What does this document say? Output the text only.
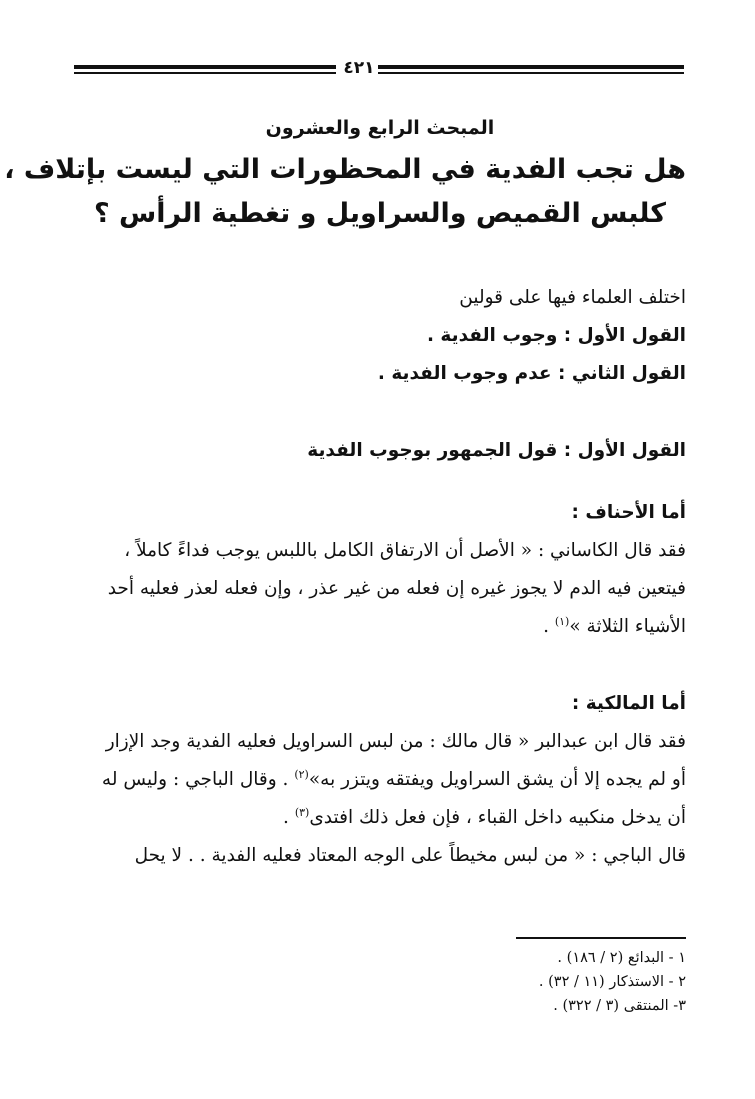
٤٢١
المبحث الرابع والعشرون
هل تجب الفدية في المحظورات التي ليست بإتلاف ،
كلبس القميص والسراويل و تغطية الرأس ؟

اختلف العلماء فيها على قولين

القول الأول : وجوب الفدية .

القول الثاني : عدم وجوب الفدية .

القول الأول : قول الجمهور بوجوب الفدية

أما الأحناف :

فقد قال الكاساني : « الأصل أن الارتفاق الكامل باللبس يوجب فداءً كاملاً ،

فيتعين فيه الدم لا يجوز غيره إن فعله من غير عذر ، وإن فعله لعذر فعليه أحد

الأشياء الثلاثة »$^{(١)}$ .

أما المالكية :

فقد قال ابن عبدالبر « قال مالك : من لبس السراويل فعليه الفدية وجد الإزار

أو لم يجده إلا أن يشق السراويل ويفتقه ويتزر به»$^{(٢)}$ . وقال الباجي : وليس له

أن يدخل منكبيه داخل القباء ، فإن فعل ذلك افتدى$^{(٣)}$ .

قال الباجي : « من لبس مخيطاً على الوجه المعتاد فعليه الفدية . . لا يحل

١ - البدائع (٢ / ١٨٦) .
٢ - الاستذكار (١١ / ٣٢) .
٣- المنتقى (٣ / ٣٢٢) .
